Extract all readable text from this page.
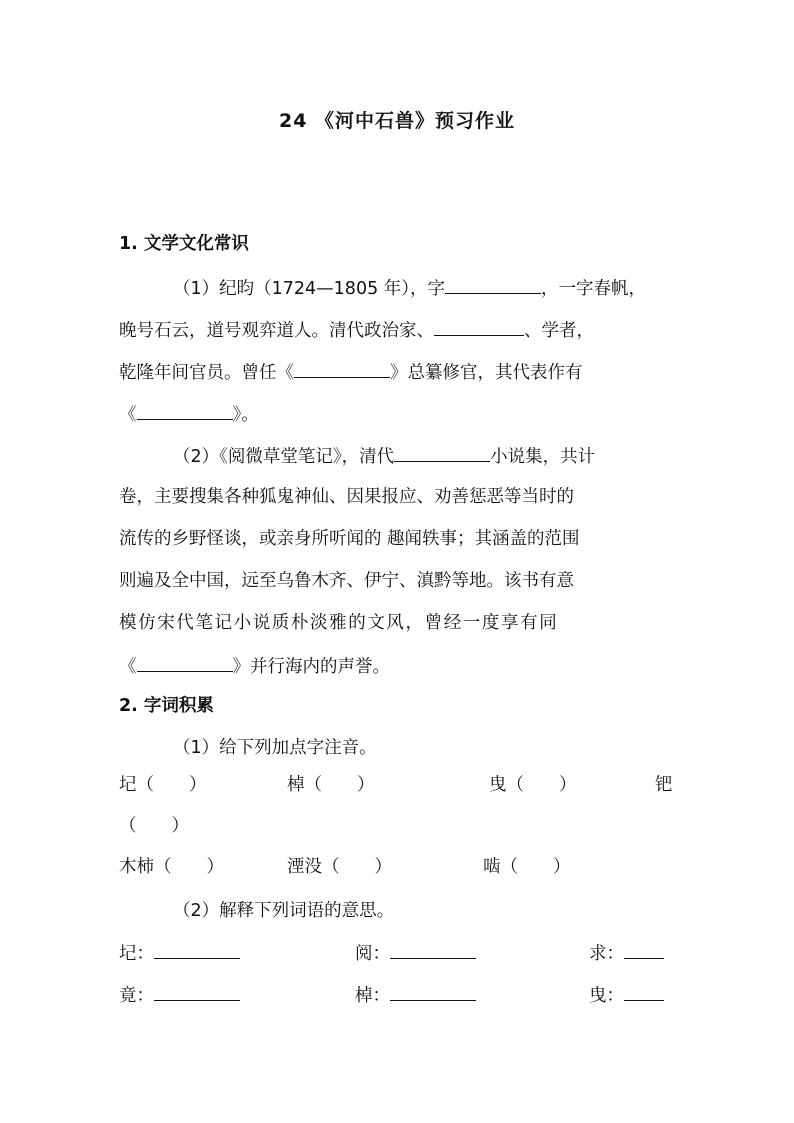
24 《河中石兽》预习作业
1. 文学文化常识
（1）纪昀（1724—1805 年），字	，一字春帆，
晚号石云，道号观弈道人。清代政治家、	、学者，
乾隆年间官员。曾任《	》总纂修官，其代表作有
《	》。
（2）《阅微草堂笔记》，清代	小说集，共计
卷，主要搜集各种狐鬼神仙、因果报应、劝善惩恶等当时的
流传的乡野怪谈，或亲身所听闻的 趣闻轶事；其涵盖的范围
则遍及全中国，远至乌鲁木齐、伊宁、滇黔等地。该书有意
模仿宋代笔记小说质朴淡雅的文风，曾经一度享有同
《	》并行海内的声誉。
2. 字词积累
（1）给下列加点字注音。
圮（　　）	棹（　　）	曳（　　）	钯
（　　）
木柿（　　）	湮没（　　）	啮（　　）
（2）解释下列词语的意思。
圮：	阅：	求：
竟：	棹：	曳：
